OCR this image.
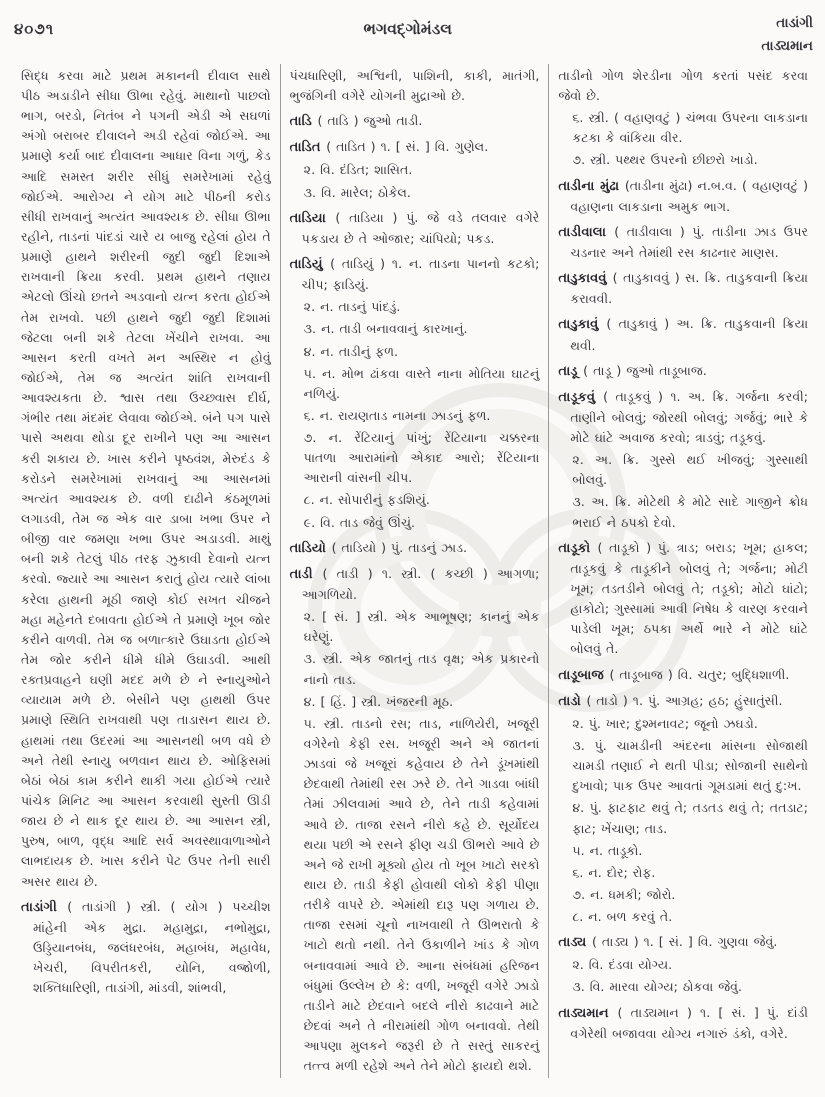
૪૦૭૧	ભગવદ્ગોમંડલ	તાડાંગી
તાડ્યમાન

સિદ્ધ કરવા માટે પ્રથમ મકાનની દીવાલ સાથે પીઠ અડાડીને સીધા ઊભા રહેવું. માથાનો પાછલો ભાગ, બરડો, નિતંબ ને પગની એડી એ સઘળાં અંગો બરાબર દીવાલને અડી રહેવાં જોઈએ. આ પ્રમાણે કર્યા બાદ દીવાલના આધાર વિના ગળું, કેડ આદિ સમસ્ત શરીર સીધું સમરેખામાં રહેવું જોઈએ. આરોગ્ય ને યોગ માટે પીઠની કરોડ સીધી રાખવાનું અત્યંત આવશ્યક છે. સીધા ઊભા રહીને, તાડનાં પાંદડાં ચારે ય બાજુ રહેલાં હોય તે પ્રમાણે હાથને શરીરની જુદી જુદી દિશાએ રાખવાની ક્રિયા કરવી. પ્રથમ હાથને તણાય એટલો ઊંચો છતને અડવાનો યત્ન કરતા હોઈએ તેમ રાખવો. પછી હાથને જુદી જુદી દિશામાં જેટલા બની શકે તેટલા ખેંચીને રાખવા. આ આસન કરતી વખતે મન અસ્થિર ન હોવું જોઈએ, તેમ જ અત્યંત શાંતિ રાખવાની આવશ્યકતા છે. શ્વાસ તથા ઉચ્છ્વાસ દીર્ઘ, ગંભીર તથા મંદમંદ લેવાવા જોઈએ. બંને પગ પાસે પાસે અથવા થોડા દૂર રાખીને પણ આ આસન કરી શકાય છે. ખાસ કરીને પૃષ્ઠવંશ, મેરુદંડ કે કરોડને સમરેખામાં રાખવાનું આ આસનમાં અત્યંત આવશ્યક છે. વળી દાઢીને કંઠમૂળમાં લગાડવી, તેમ જ એક વાર ડાબા ખભા ઉપર ને બીજી વાર જમણા ખભા ઉપર અડાડવી. માથું બની શકે તેટલું પીઠ તરફ ઝુકાવી દેવાનો યત્ન કરવો. જ્યારે આ આસન કરાતું હોય ત્યારે લાંબા કરેલા હાથની મૂઠી જાણે કોઈ સખત ચીજને મહા મહેનતે દબાવતા હોઈએ તે પ્રમાણે ખૂબ જોર કરીને વાળવી. તેમ જ બળાત્કારે ઉઘાડતા હોઈએ તેમ જોર કરીને ધીમે ધીમે ઉઘાડવી. આથી રક્તપ્રવાહને ઘણી મદદ મળે છે ને સ્નાયુઓને વ્યાયામ મળે છે. બેસીને પણ હાથથી ઉપર પ્રમાણે સ્થિતિ રાખવાથી પણ તાડાસન થાય છે. હાથમાં તથા ઉદરમાં આ આસનથી બળ વધે છે અને તેથી સ્નાયુ બળવાન થાય છે. ઓફિસમાં બેઠાં બેઠાં કામ કરીને થાકી ગયા હોઈએ ત્યારે પાંચેક મિનિટ આ આસન કરવાથી સુસ્તી ઊડી જાય છે ને થાક દૂર થાય છે. આ આસન સ્ત્રી, પુરુષ, બાળ, વૃદ્ધ આદિ સર્વ અવસ્થાવાળાઓને લાભદાયક છે. ખાસ કરીને પેટ ઉપર તેની સારી અસર થાય છે.

તાડાંગી ( તાડાંગી ) સ્ત્રી. ( યોગ ) પચ્ચીશ માંહેની એક મુદ્રા. મહામુદ્રા, નભોમુદ્રા, ઉડ્ડિયાનબંધ, જલંધરબંધ, મહાબંધ, મહાવેધ, ખેચરી, વિપરીતકરી, યોનિ, વજ્રોળી, શક્તિધારિણી, તાડાંગી, માંડવી, શાંભવી,

પંચધારિણી, અશ્વિની, પાશિની, કાકી, માતંગી, ભુજંગિની વગેરે યોગની મુદ્રાઓ છે.

તાડિ ( તાડિ ) જુઓ તાડી.

તાડિત ( તાડિત ) ૧. [ સં. ] વિ. ગુણેલ.

૨. વિ. દંડિત; શાસિત.

૩. વિ. મારેલ; ઠોકેલ.

તાડિયા ( તાડિયા ) પું. જે વડે તલવાર વગેરે પકડાય છે તે ઓજાર; ચાંપિયો; પકડ.

તાડિયું ( તાડિયું ) ૧. ન. તાડના પાનનો કટકો; ચીપ; ફાડિયું.

૨. ન. તાડનું પાંદડું.

૩. ન. તાડી બનાવવાનું કારખાનું.

૪. ન. તાડીનું ફળ.

૫. ન. મોભ ઢાંકવા વાસ્તે નાના મોતિયા ઘાટનું નળિયું.

૬. ન. રાયણતાડ નામના ઝાડનું ફળ.

૭. ન. રેંટિયાનું પાંખું; રેંટિયાના ચક્કરના પાતળા આરામાંનો એકાદ આરો; રેંટિયાના આરાની વાંસની ચીપ.

૮. ન. સોપારીનું ફડશિયું.

૯. વિ. તાડ જેવું ઊંચું.

તાડિયો ( તાડિયો ) પું. તાડનું ઝાડ.

તાડી ( તાડી ) ૧. સ્ત્રી. ( કચ્છી ) આગળા; આગળિયો.

૨. [ સં. ] સ્ત્રી. એક આભૂષણ; કાનનું એક ઘરેણું.

૩. સ્ત્રી. એક જાતનું તાડ વૃક્ષ; એક પ્રકારનો નાનો તાડ.

૪. [ હિં. ] સ્ત્રી. ખંજરની મૂઠ.

૫. સ્ત્રી. તાડનો રસ; તાડ, નાળિયેરી, ખજૂરી વગેરેનો કેફી રસ. ખજૂરી અને એ જાતનાં ઝાડવાં જે ખજૂરાં કહેવાય છે તેને ડૂંખમાંથી છેદવાથી તેમાંથી રસ ઝરે છે. તેને ગાડવા બાંધી તેમાં ઝીલવામાં આવે છે, તેને તાડી કહેવામાં આવે છે. તાજા રસને નીરો કહે છે. સૂર્યોદય થયા પછી એ રસને ફીણ ચડી ઊભરો આવે છે અને જે રાખી મૂક્યો હોય તો ખૂબ ખાટો સરકો થાય છે. તાડી કેફી હોવાથી લોકો કેફી પીણા તરીકે વાપરે છે. એમાંથી દારૂ પણ ગળાય છે. તાજા રસમાં ચૂનો નાખવાથી તે ઊભરાતો કે ખાટો થતો નથી. તેને ઉકાળીને ખાંડ કે ગોળ બનાવવામાં આવે છે. આના સંબંધમાં હરિજન બંધુમાં ઉલ્લેખ છે કે: વળી, ખજૂરી વગેરે ઝાડો તાડીને માટે છેદવાને બદલે નીરો કાઢવાને માટે છેદવાં અને તે નીરામાંથી ગોળ બનાવવો. તેથી આપણા મુલકને જરૂરી છે તે સસ્તું સાકરનું તત્ત્વ મળી રહેશે અને તેને મોટો ફાયદો થશે.

તાડીનો ગોળ શેરડીના ગોળ કરતાં પસંદ કરવા જેવો છે.

૬. સ્ત્રી. ( વહાણવટું ) ચંભવા ઉપરના લાકડાના કટકા કે વાંકિયા વીર.

૭. સ્ત્રી. પથ્થર ઉપરનો છીછરો ખાડો.

તાડીના મુંઢા (તાડીના મુંઢા) ન.બ.વ. ( વહાણવટું ) વહાણના લાકડાના અમુક ભાગ.

તાડીવાલા ( તાડીવાલા ) પું. તાડીના ઝાડ ઉપર ચડનાર અને તેમાંથી રસ કાઢનાર માણસ.

તાડુકાવવું ( તાડુકાવવું ) સ. ક્રિ. તાડુકવાની ક્રિયા કરાવવી.

તાડુકાવું ( તાડુકાવું ) અ. ક્રિ. તાડુકવાની ક્રિયા થવી.

તાડૂ ( તાડૂ ) જુઓ તાડૂબાજ.

તાડૂકવું ( તાડૂકવું ) ૧. અ. ક્રિ. ગર્જના કરવી; તાણીને બોલવું; જોરથી બોલવું; ગર્જવું; ભારે કે મોટે ઘાંટે અવાજ કરવો; ત્રાડવું; તડૂકવું.

૨. અ. ક્રિ. ગુસ્સે થઈ ખીજવું; ગુસ્સાથી બોલવું.

૩. અ. ક્રિ. મોટેથી કે મોટે સાદે ગાજીને ક્રોધ ભરાઈ ને ઠપકો દેવો.

તાડૂકો ( તાડૂકો ) પું. ત્રાડ; બરાડ; ખૂમ; હાકલ; તાડૂકવું કે તાડૂકીને બોલવું તે; ગર્જના; મોટી ખૂમ; તડતડીને બોલવું તે; તડૂકો; મોટો ઘાંટો; હાકોટો; ગુસ્સામાં આવી નિષેધ કે વારણ કરવાને પાડેલી ખૂમ; ઠપકા અર્થે ભારે ને મોટે ઘાંટે બોલવું તે.

તાડૂબાજ ( તાડૂબાજ ) વિ. ચતુર; બુદ્ધિશાળી.

તાડો ( તાડો ) ૧. પું. આગ્રહ; હઠ; હુંસાતુંસી.

૨. પું. ખાર; દુશ્મનાવટ; જૂનો ઝઘડો.

૩. પું. ચામડીની અંદરના માંસના સોજાથી ચામડી તણાઈ ને થતી પીડા; સોજાની સાથેનો દુખાવો; પાક ઉપર આવતાં ગૂમડામાં થતું દુ:ખ.

૪. પું. ફાટફાટ થવું તે; તડતડ થવું તે; તતડાટ; ફાટ; ખેંચાણ; તાડ.

૫. ન. તાડૂકો.

૬. ન. દોર; રોફ.

૭. ન. ધમકી; જોરો.

૮. ન. બળ કરવું તે.

તાડ્ય ( તાડ્ય ) ૧. [ સં. ] વિ. ગુણવા જેવું.

૨. વિ. દંડવા યોગ્ય.

૩. વિ. મારવા યોગ્ય; ઠોકવા જેવું.

તાડ્યમાન ( તાડ્યમાન ) ૧. [ સં. ] પું. દાંડી વગેરેથી બજાવવા યોગ્ય નગારું ડંકો, વગેરે.
